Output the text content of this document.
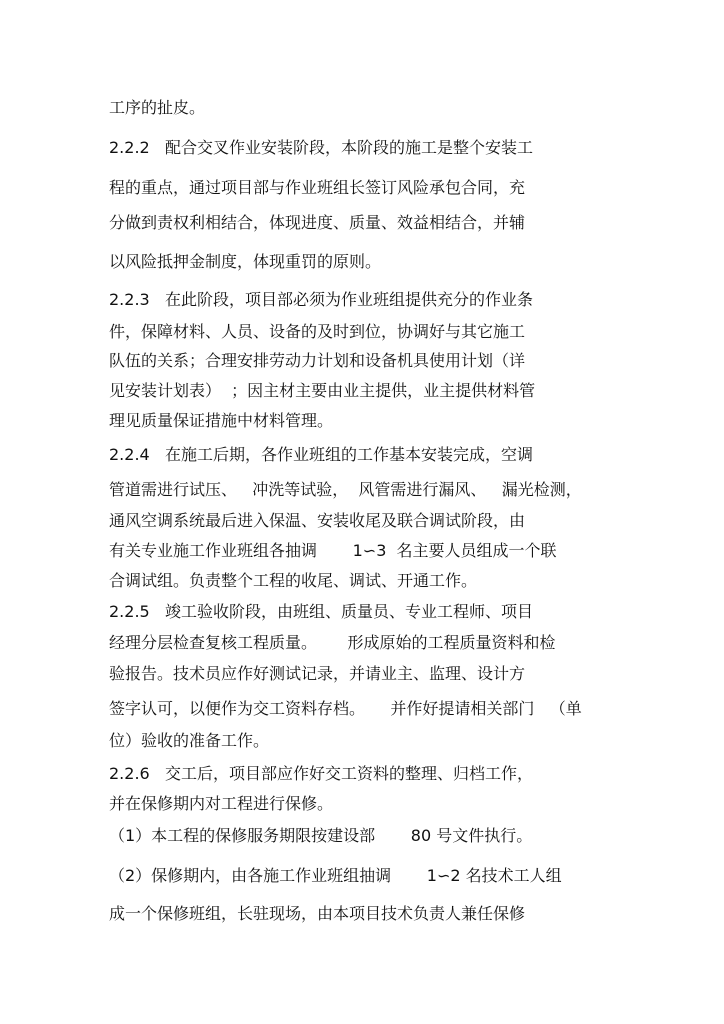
工序的扯皮。
2.2.2   配合交叉作业安装阶段，本阶段的施工是整个安装工
程的重点，通过项目部与作业班组长签订风险承包合同，充
分做到责权利相结合，体现进度、质量、效益相结合，并辅
以风险抵押金制度，体现重罚的原则。
2.2.3   在此阶段，项目部必须为作业班组提供充分的作业条
件，保障材料、人员、设备的及时到位，协调好与其它施工
队伍的关系；合理安排劳动力计划和设备机具使用计划（详
见安装计划表）  ；因主材主要由业主提供，业主提供材料管
理见质量保证措施中材料管理。
2.2.4   在施工后期，各作业班组的工作基本安装完成，空调
管道需进行试压、   冲洗等试验，  风管需进行漏风、   漏光检测，
通风空调系统最后进入保温、安装收尾及联合调试阶段，由
有关专业施工作业班组各抽调       1∽3  名主要人员组成一个联
合调试组。负责整个工程的收尾、调试、开通工作。
2.2.5   竣工验收阶段，由班组、质量员、专业工程师、项目
经理分层检查复核工程质量。      形成原始的工程质量资料和检
验报告。技术员应作好测试记录，并请业主、监理、设计方
签字认可，以便作为交工资料存档。     并作好提请相关部门   （单
位）验收的准备工作。
2.2.6   交工后，项目部应作好交工资料的整理、归档工作，
并在保修期内对工程进行保修。
（1）本工程的保修服务期限按建设部       80 号文件执行。
（2）保修期内，由各施工作业班组抽调       1∽2 名技术工人组
成一个保修班组，长驻现场，由本项目技术负责人兼任保修
